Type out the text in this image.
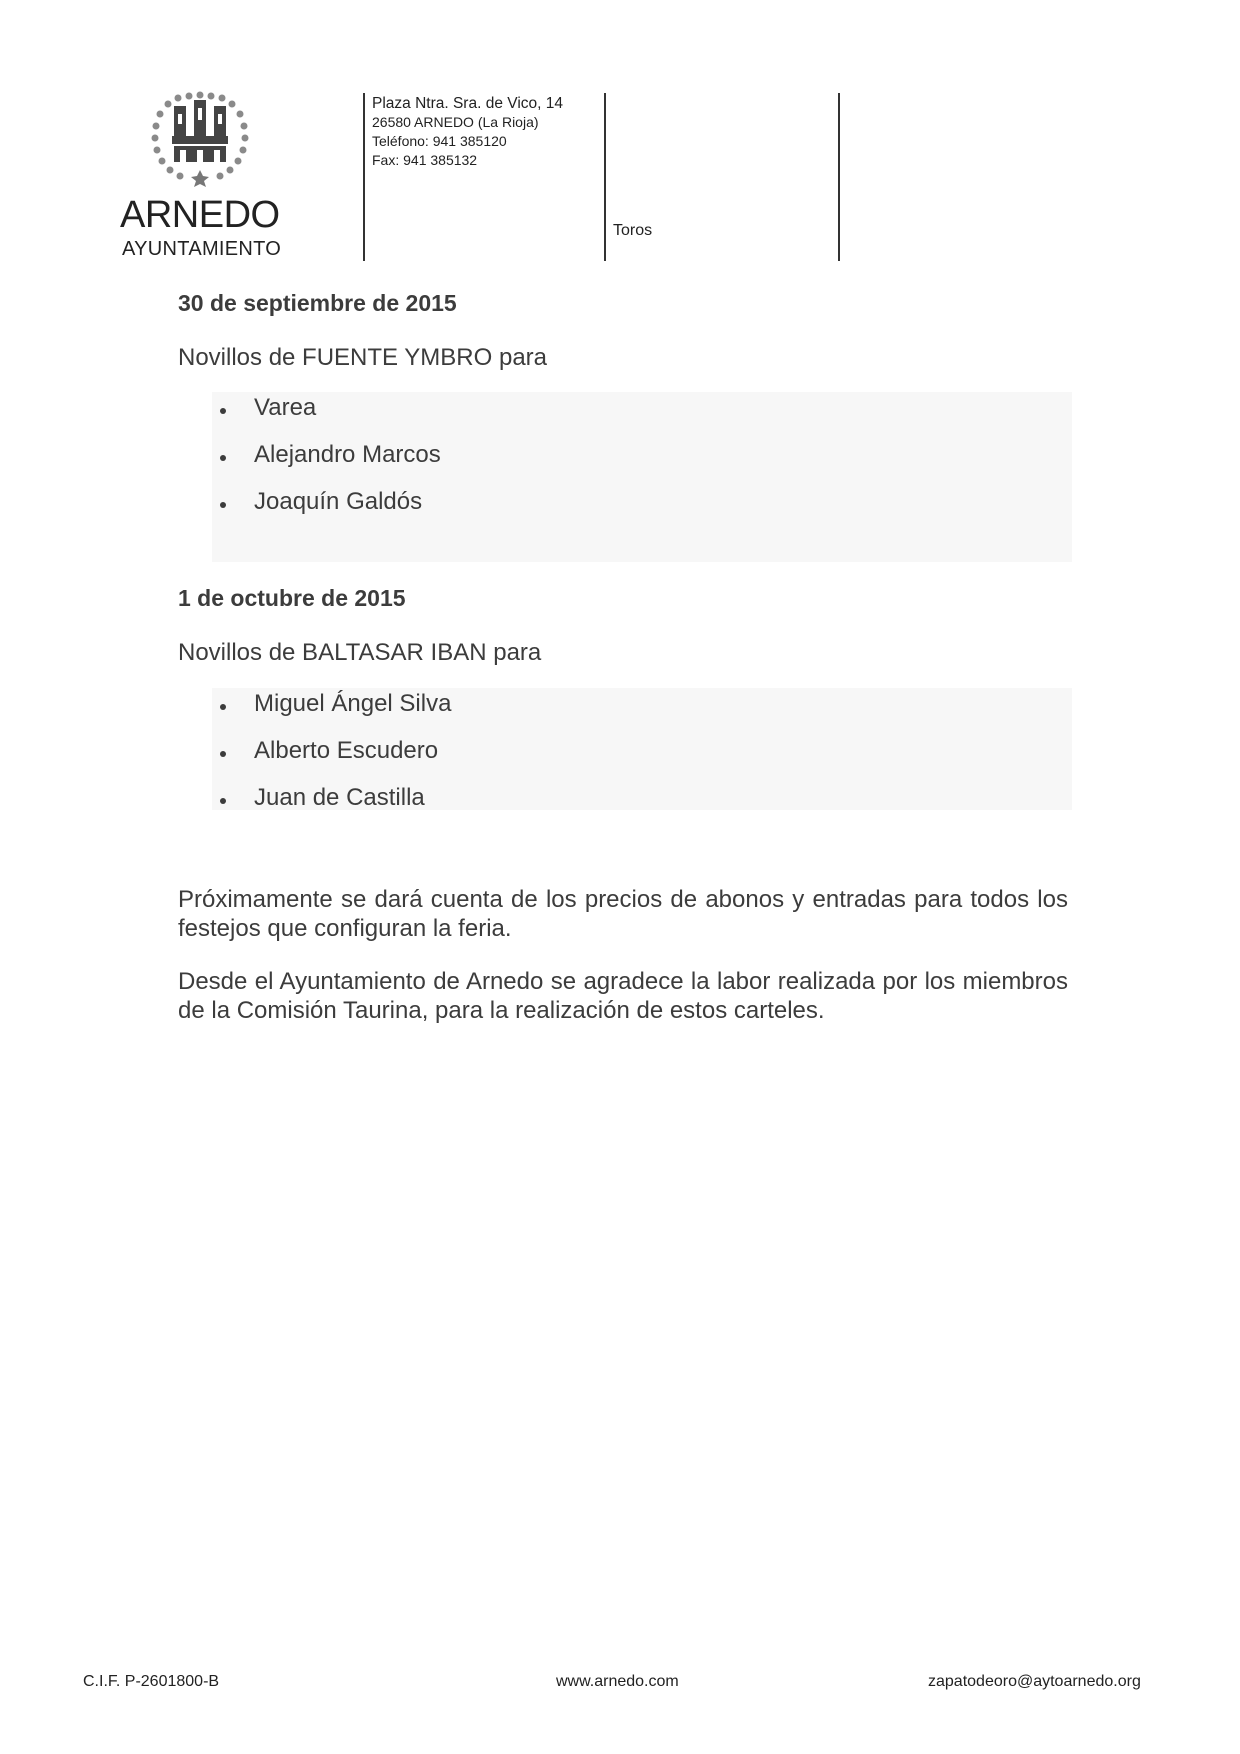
ARNEDO
AYUNTAMIENTO
Plaza Ntra. Sra. de Vico, 14
26580 ARNEDO (La Rioja)
Teléfono: 941 385120
Fax: 941 385132
Toros
30 de septiembre de 2015
Novillos de FUENTE YMBRO para
Varea
Alejandro Marcos
Joaquín Galdós
1 de octubre de 2015
Novillos de BALTASAR IBAN para
Miguel Ángel Silva
Alberto Escudero
Juan de Castilla
Próximamente se dará cuenta de los precios de abonos y entradas para todos los festejos que configuran la feria.
Desde el Ayuntamiento de Arnedo se agradece la labor realizada por los miembros de la Comisión Taurina, para la realización de estos carteles.
C.I.F. P-2601800-B	www.arnedo.com	zapatodeoro@aytoarnedo.org
